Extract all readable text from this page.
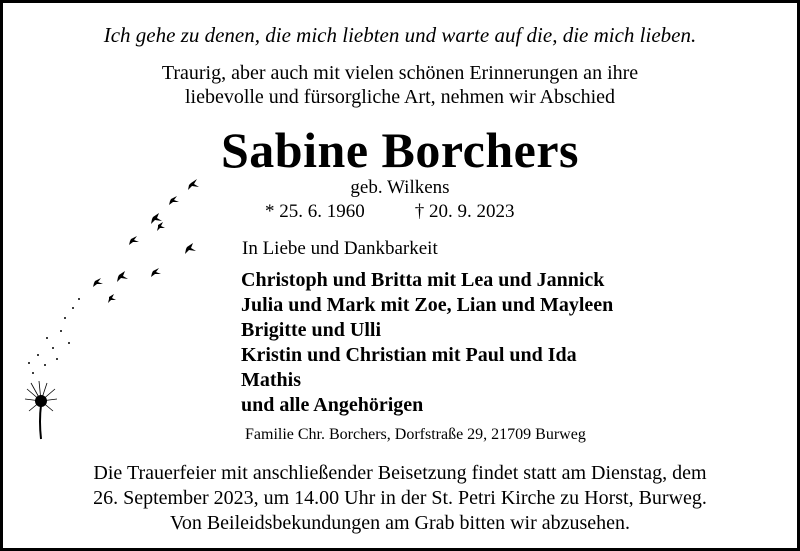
Ich gehe zu denen, die mich liebten und warte auf die, die mich lieben.
Traurig, aber auch mit vielen schönen Erinnerungen an ihre
liebevolle und fürsorgliche Art, nehmen wir Abschied
Sabine Borchers
geb. Wilkens
* 25. 6. 1960	† 20. 9. 2023
In Liebe und Dankbarkeit
Christoph und Britta mit Lea und Jannick
Julia und Mark mit Zoe, Lian und Mayleen
Brigitte und Ulli
Kristin und Christian mit Paul und Ida
Mathis
und alle Angehörigen
Familie Chr. Borchers, Dorfstraße 29, 21709 Burweg
Die Trauerfeier mit anschließender Beisetzung findet statt am Dienstag, dem
26. September 2023, um 14.00 Uhr in der St. Petri Kirche zu Horst, Burweg.
Von Beileidsbekundungen am Grab bitten wir abzusehen.
